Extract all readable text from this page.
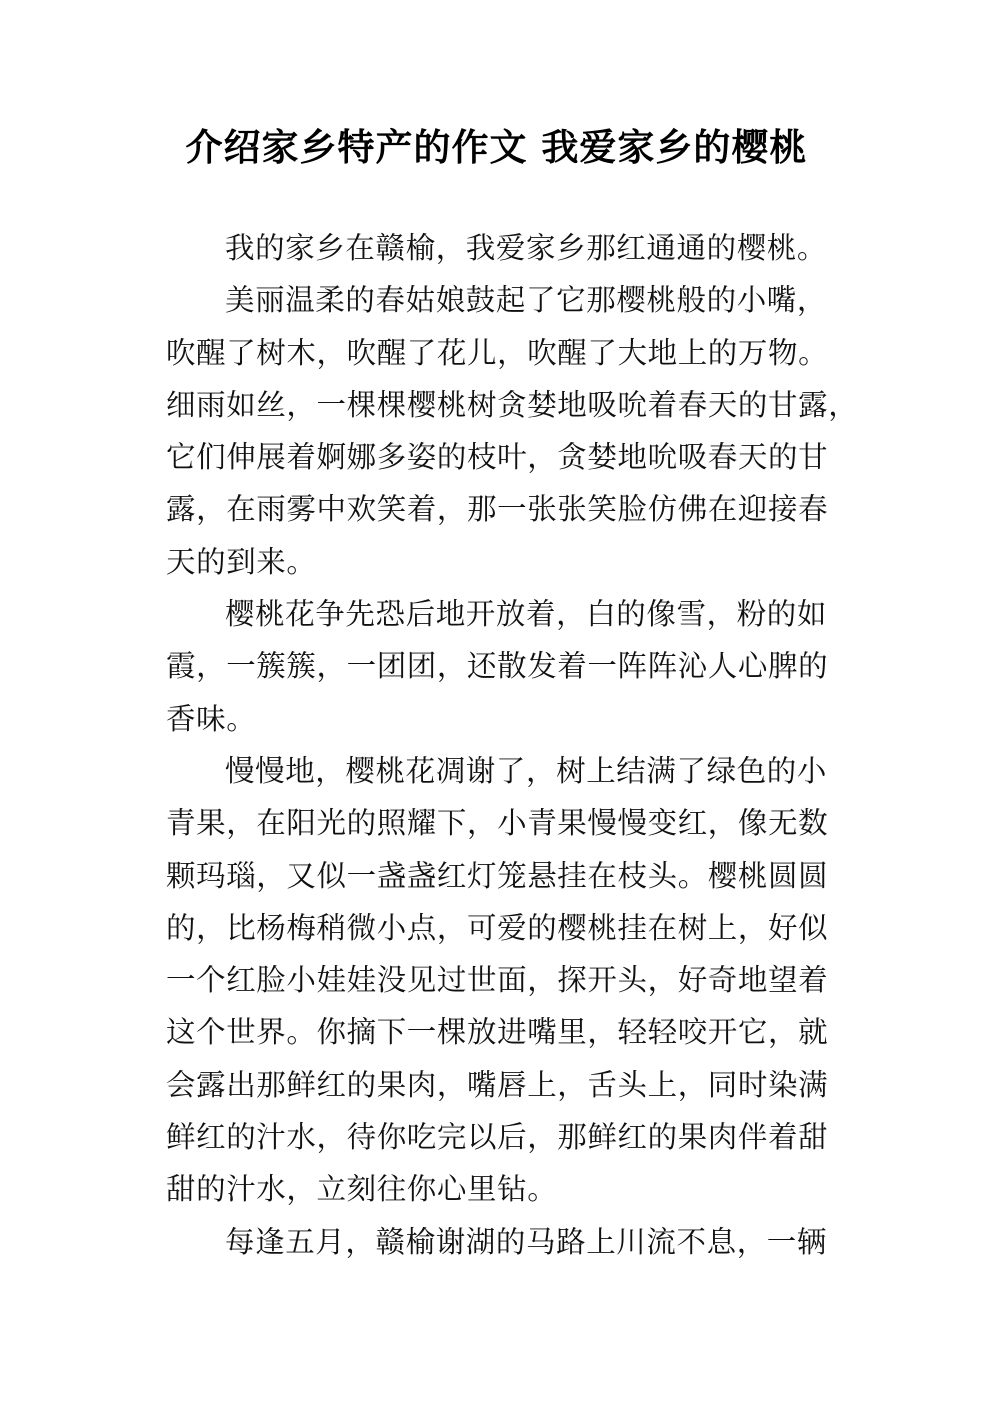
介绍家乡特产的作文 我爱家乡的樱桃
我的家乡在赣榆，我爱家乡那红通通的樱桃。
美丽温柔的春姑娘鼓起了它那樱桃般的小嘴，
吹醒了树木，吹醒了花儿，吹醒了大地上的万物。
细雨如丝，一棵棵樱桃树贪婪地吸吮着春天的甘露，
它们伸展着婀娜多姿的枝叶，贪婪地吮吸春天的甘
露，在雨雾中欢笑着，那一张张笑脸仿佛在迎接春
天的到来。
樱桃花争先恐后地开放着，白的像雪，粉的如
霞，一簇簇，一团团，还散发着一阵阵沁人心脾的
香味。
慢慢地，樱桃花凋谢了，树上结满了绿色的小
青果，在阳光的照耀下，小青果慢慢变红，像无数
颗玛瑙，又似一盏盏红灯笼悬挂在枝头。樱桃圆圆
的，比杨梅稍微小点，可爱的樱桃挂在树上，好似
一个红脸小娃娃没见过世面，探开头，好奇地望着
这个世界。你摘下一棵放进嘴里，轻轻咬开它，就
会露出那鲜红的果肉，嘴唇上，舌头上，同时染满
鲜红的汁水，待你吃完以后，那鲜红的果肉伴着甜
甜的汁水，立刻往你心里钻。
每逢五月，赣榆谢湖的马路上川流不息，一辆
